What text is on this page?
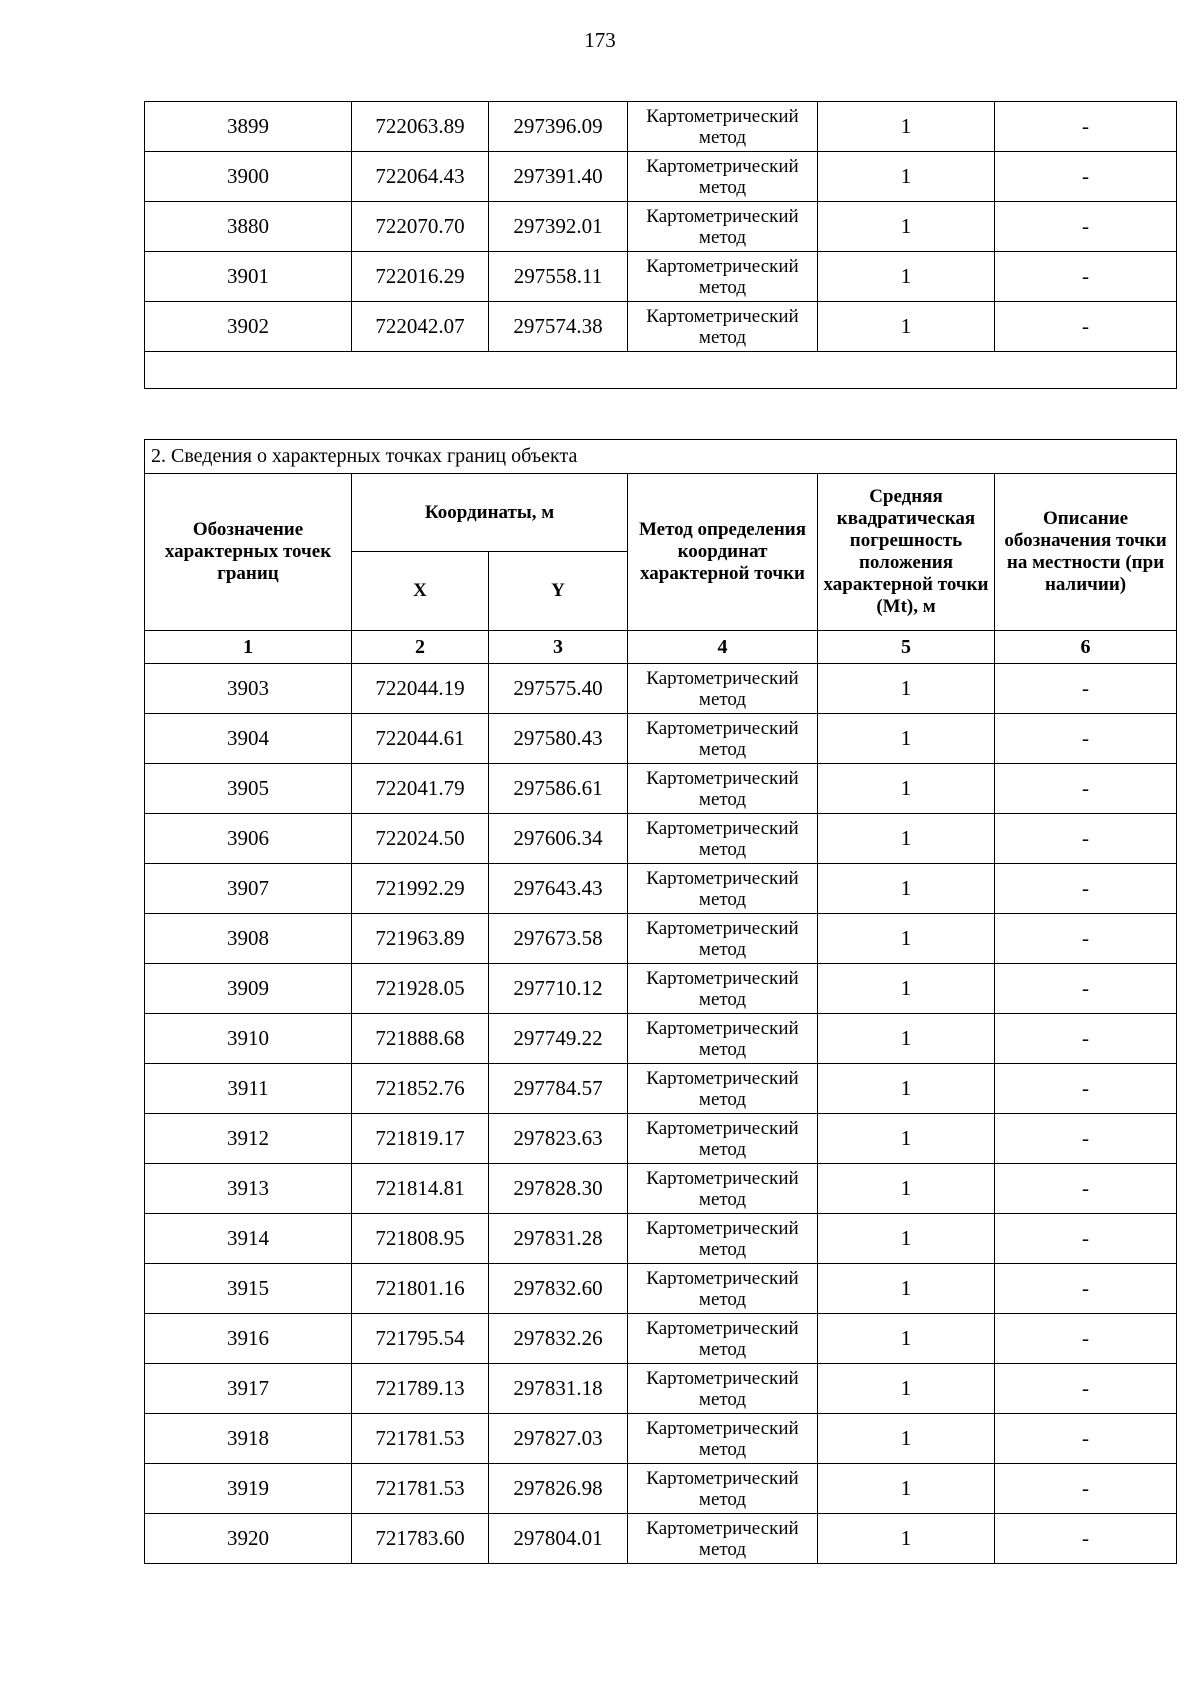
173
3899	722063.89	297396.09	Картометрический
метод	1	-
3900	722064.43	297391.40	Картометрический
метод	1	-
3880	722070.70	297392.01	Картометрический
метод	1	-
3901	722016.29	297558.11	Картометрический
метод	1	-
3902	722042.07	297574.38	Картометрический
метод	1	-

2. Сведения о характерных точках границ объекта					
Обозначение характерных точек границ	Координаты, м		Метод определения координат характерной точки	Средняя квадратическая погрешность положения характерной точки (Mt), м	Описание обозначения точки на местности (при наличии)
	X	Y			
1	2	3	4	5	6
3903	722044.19	297575.40	Картометрический
метод	1	-
3904	722044.61	297580.43	Картометрический
метод	1	-
3905	722041.79	297586.61	Картометрический
метод	1	-
3906	722024.50	297606.34	Картометрический
метод	1	-
3907	721992.29	297643.43	Картометрический
метод	1	-
3908	721963.89	297673.58	Картометрический
метод	1	-
3909	721928.05	297710.12	Картометрический
метод	1	-
3910	721888.68	297749.22	Картометрический
метод	1	-
3911	721852.76	297784.57	Картометрический
метод	1	-
3912	721819.17	297823.63	Картометрический
метод	1	-
3913	721814.81	297828.30	Картометрический
метод	1	-
3914	721808.95	297831.28	Картометрический
метод	1	-
3915	721801.16	297832.60	Картометрический
метод	1	-
3916	721795.54	297832.26	Картометрический
метод	1	-
3917	721789.13	297831.18	Картометрический
метод	1	-
3918	721781.53	297827.03	Картометрический
метод	1	-
3919	721781.53	297826.98	Картометрический
метод	1	-
3920	721783.60	297804.01	Картометрический
метод	1	-
